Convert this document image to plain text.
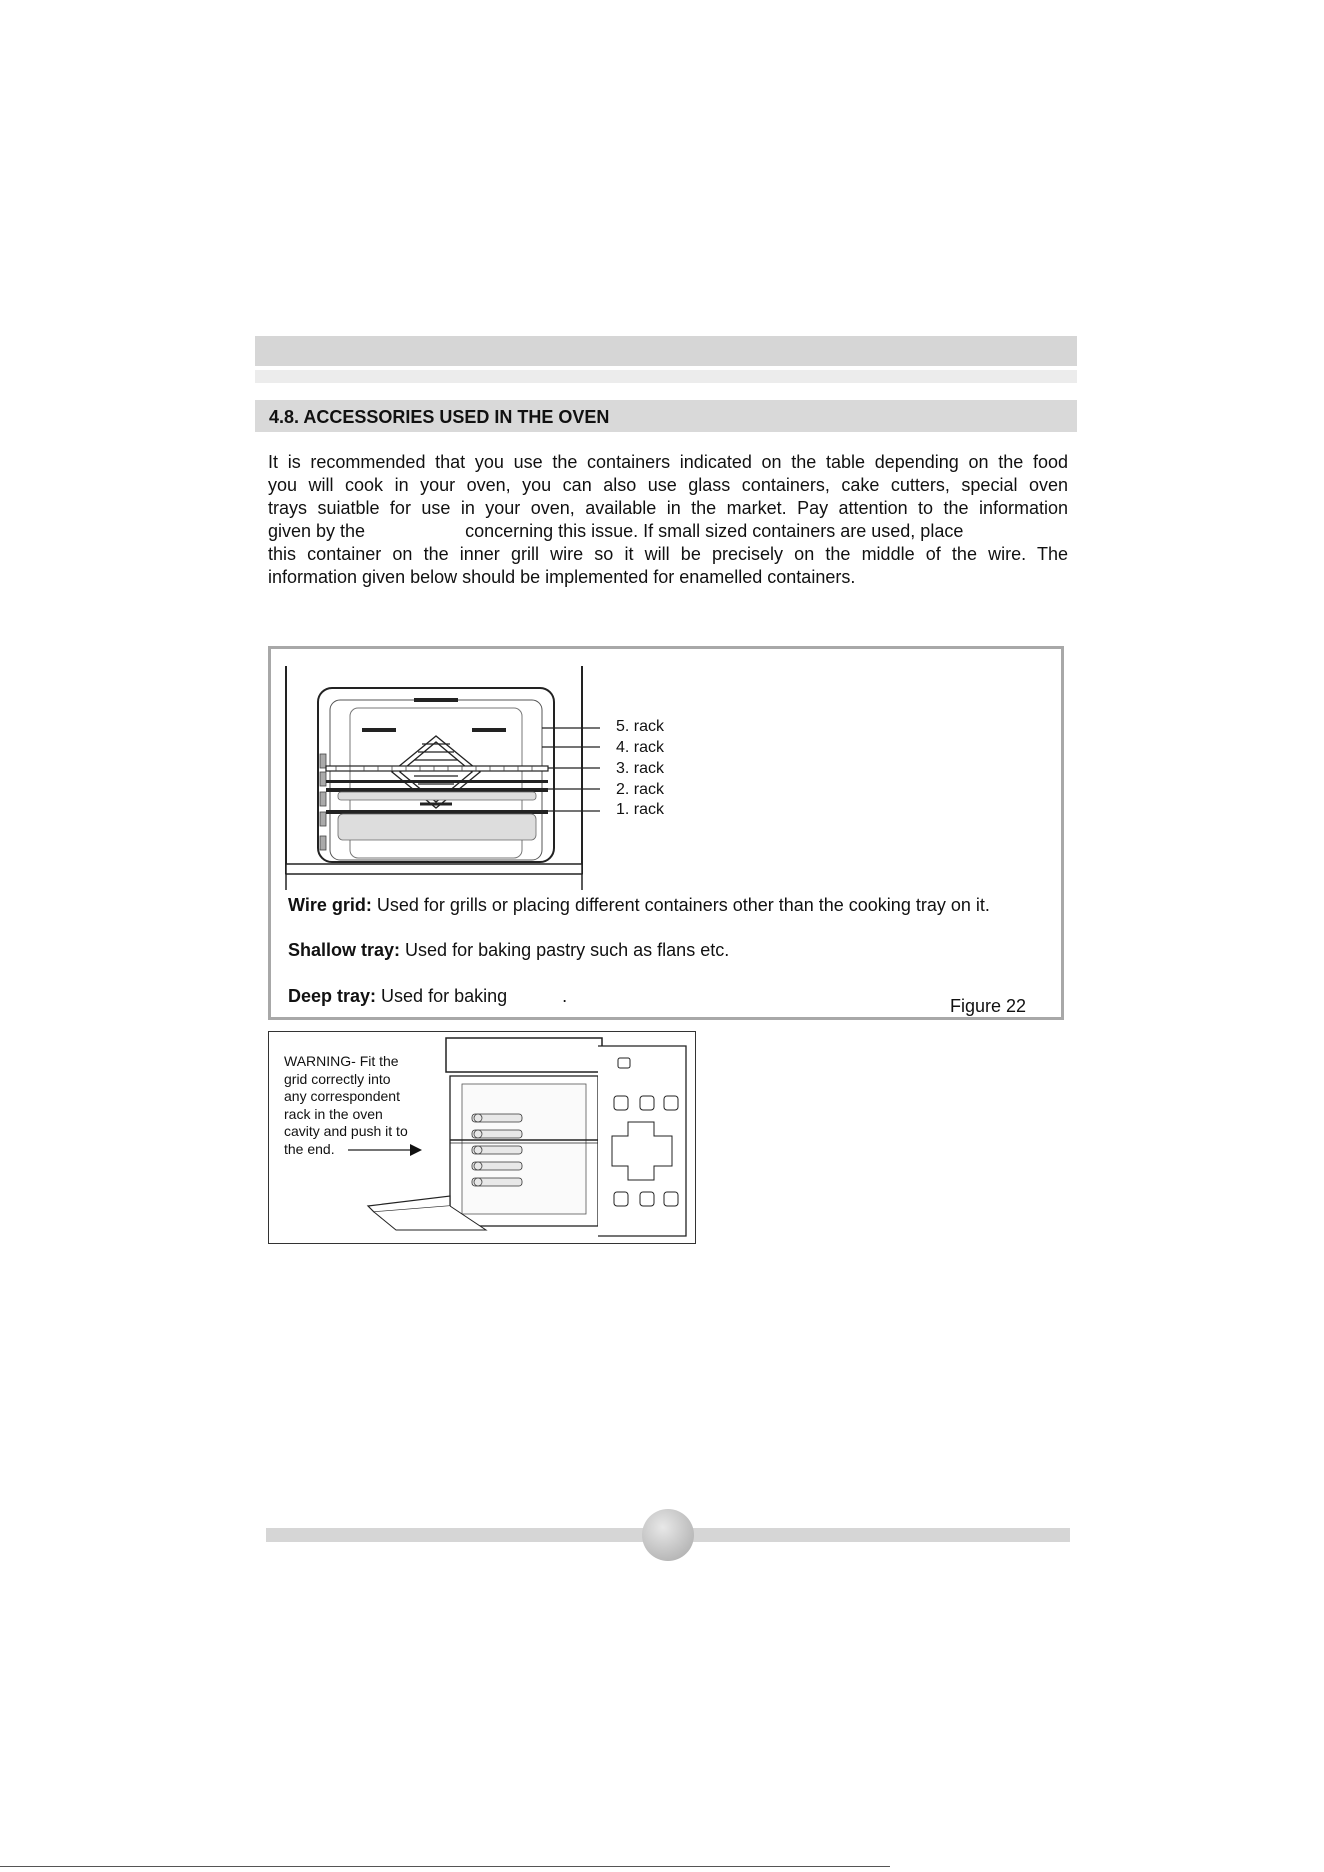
4.8. ACCESSORIES USED IN THE OVEN

It is recommended that you use the containers indicated on the table depending on the food

you will cook in your oven, you can also use glass containers, cake cutters, special oven

trays suiatble for use in your oven, available in the market. Pay attention to the information

given by the                    concerning this issue. If small sized containers are used, place

this container on the inner grill wire so it will be precisely on the middle of the wire. The

information given below should be implemented for enamelled containers.

5. rack
4. rack
3. rack
2. rack
1. rack
Wire grid: Used for grills or placing different containers other than the cooking tray on it.
Shallow tray: Used for baking pastry such as flans etc.
Deep tray: Used for baking           .	Figure 22
WARNING- Fit the
grid correctly into
any correspondent
rack in the oven
cavity and push it to
the end.
